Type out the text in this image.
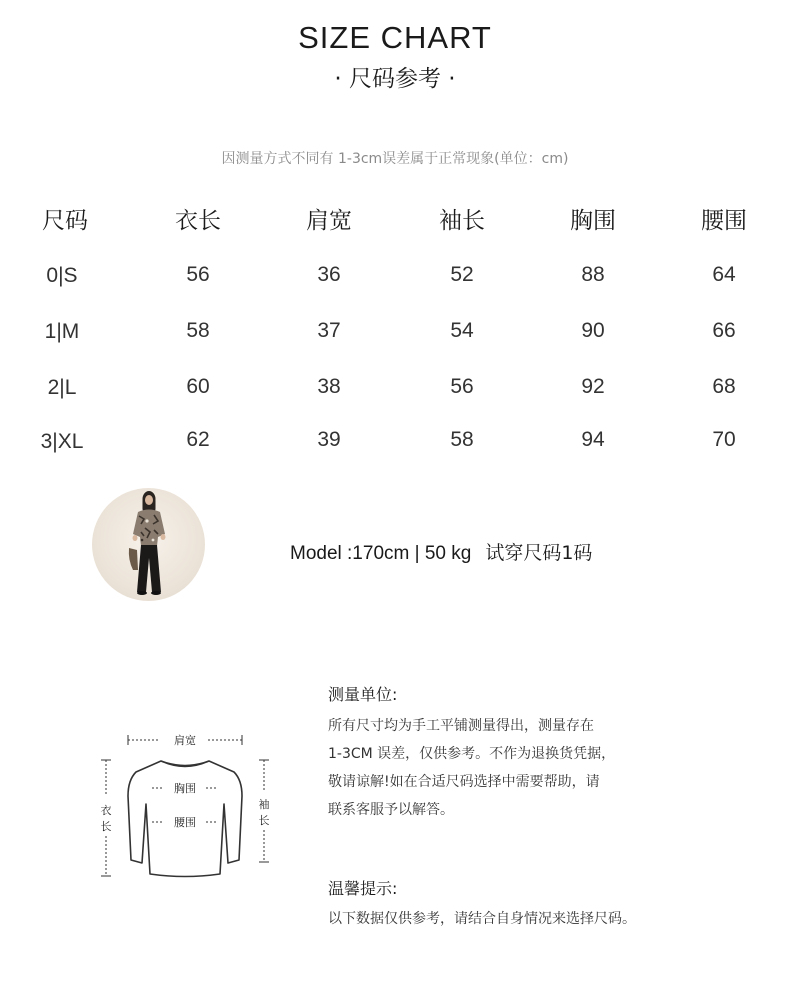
SIZE CHART
· 尺码参考 ·
因测量方式不同有 1-3cm误差属于正常现象(单位：cm)
尺码	衣长	肩宽	袖长	胸围	腰围
0|S	56	36	52	88	64
1|M	58	37	54	90	66
2|L	60	38	56	92	68
3|XL	62	39	58	94	70
Model :170cm | 50 kg 试穿尺码1码
肩宽
胸围
腰围
衣
长
袖
长
测量单位:
所有尺寸均为手工平铺测量得出，测量存在
1-3CM 误差，仅供参考。不作为退换货凭据，
敬请谅解!如在合适尺码选择中需要帮助，请
联系客服予以解答。
温馨提示:
以下数据仅供参考，请结合自身情况来选择尺码。
